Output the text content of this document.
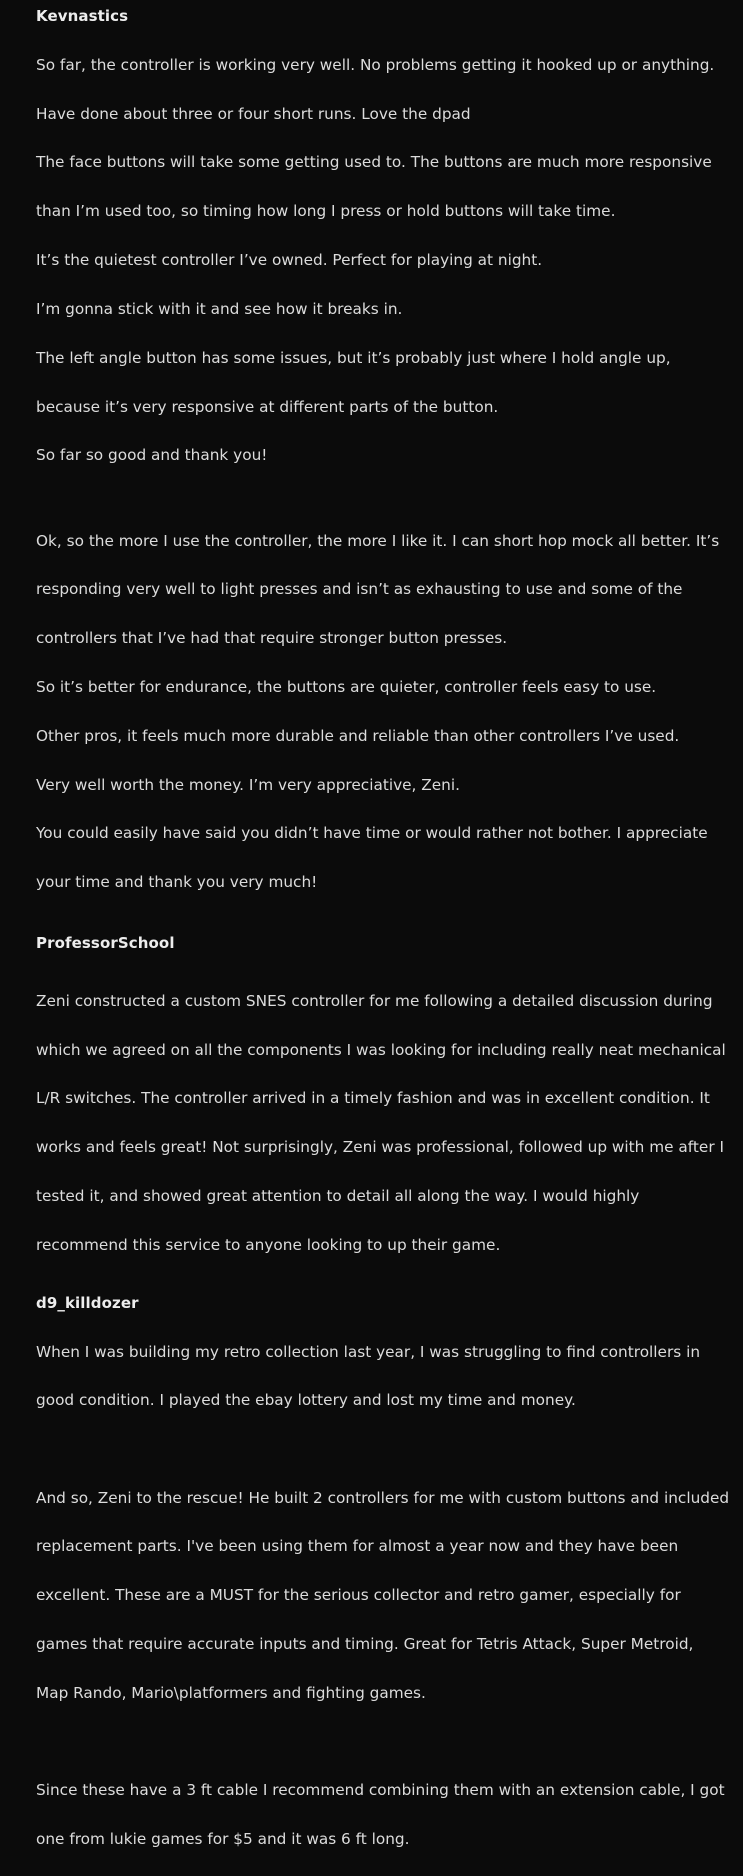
Kevnastics

So far, the controller is working very well. No problems getting it hooked up or anything.

Have done about three or four short runs. Love the dpad

The face buttons will take some getting used to. The buttons are much more responsive

than I’m used too, so timing how long I press or hold buttons will take time.

It’s the quietest controller I’ve owned. Perfect for playing at night.

I’m gonna stick with it and see how it breaks in.

The left angle button has some issues, but it’s probably just where I hold angle up,

because it’s very responsive at different parts of the button.

So far so good and thank you!

Ok, so the more I use the controller, the more I like it. I can short hop mock all better. It’s

responding very well to light presses and isn’t as exhausting to use and some of the

controllers that I’ve had that require stronger button presses.

So it’s better for endurance, the buttons are quieter, controller feels easy to use.

Other pros, it feels much more durable and reliable than other controllers I’ve used.

Very well worth the money. I’m very appreciative, Zeni.

You could easily have said you didn’t have time or would rather not bother. I appreciate

your time and thank you very much!

ProfessorSchool

Zeni constructed a custom SNES controller for me following a detailed discussion during

which we agreed on all the components I was looking for including really neat mechanical

L/R switches. The controller arrived in a timely fashion and was in excellent condition. It

works and feels great! Not surprisingly, Zeni was professional, followed up with me after I

tested it, and showed great attention to detail all along the way. I would highly

recommend this service to anyone looking to up their game.

d9_killdozer

When I was building my retro collection last year, I was struggling to find controllers in

good condition. I played the ebay lottery and lost my time and money.

And so, Zeni to the rescue! He built 2 controllers for me with custom buttons and included

replacement parts. I've been using them for almost a year now and they have been

excellent. These are a MUST for the serious collector and retro gamer, especially for

games that require accurate inputs and timing. Great for Tetris Attack, Super Metroid,

Map Rando, Mario\platformers and fighting games.

Since these have a 3 ft cable I recommend combining them with an extension cable, I got

one from lukie games for $5 and it was 6 ft long.
